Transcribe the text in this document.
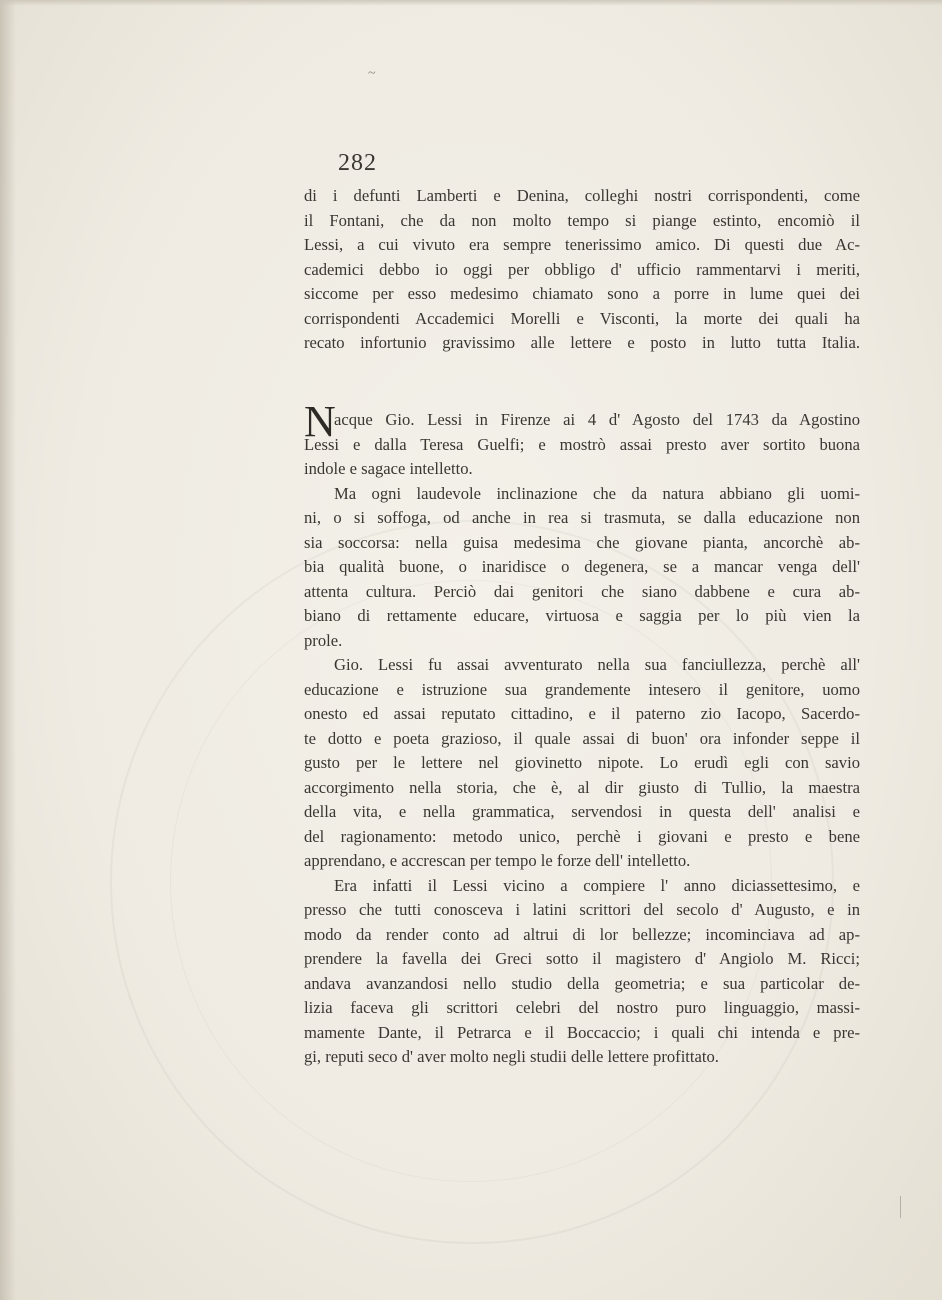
~
282
di i defunti Lamberti e Denina, colleghi nostri corrispondenti, come
il Fontani, che da non molto tempo si piange estinto, encomiò il
Lessi, a cui vivuto era sempre tenerissimo amico. Di questi due Ac-
cademici debbo io oggi per obbligo d' ufficio rammentarvi i meriti,
siccome per esso medesimo chiamato sono a porre in lume quei dei
corrispondenti Accademici Morelli e Visconti, la morte dei quali ha
recato infortunio gravissimo alle lettere e posto in lutto tutta Italia.
N
acque Gio. Lessi in Firenze ai 4 d' Agosto del 1743 da Agostino
Lessi e dalla Teresa Guelfi; e mostrò assai presto aver sortito buona
indole e sagace intelletto.
Ma ogni laudevole inclinazione che da natura abbiano gli uomi-
ni, o si soffoga, od anche in rea si trasmuta, se dalla educazione non
sia soccorsa: nella guisa medesima che giovane pianta, ancorchè ab-
bia qualità buone, o inaridisce o degenera, se a mancar venga dell'
attenta cultura. Perciò dai genitori che siano dabbene e cura ab-
biano di rettamente educare, virtuosa e saggia per lo più vien la
prole.
Gio. Lessi fu assai avventurato nella sua fanciullezza, perchè all'
educazione e istruzione sua grandemente intesero il genitore, uomo
onesto ed assai reputato cittadino, e il paterno zio Iacopo, Sacerdo-
te dotto e poeta grazioso, il quale assai di buon' ora infonder seppe il
gusto per le lettere nel giovinetto nipote. Lo erudì egli con savio
accorgimento nella storia, che è, al dir giusto di Tullio, la maestra
della vita, e nella grammatica, servendosi in questa dell' analisi e
del ragionamento: metodo unico, perchè i giovani e presto e bene
apprendano, e accrescan per tempo le forze dell' intelletto.
Era infatti il Lessi vicino a compiere l' anno diciassettesimo, e
presso che tutti conosceva i latini scrittori del secolo d' Augusto, e in
modo da render conto ad altrui di lor bellezze; incominciava ad ap-
prendere la favella dei Greci sotto il magistero d' Angiolo M. Ricci;
andava avanzandosi nello studio della geometria; e sua particolar de-
lizia faceva gli scrittori celebri del nostro puro linguaggio, massi-
mamente Dante, il Petrarca e il Boccaccio; i quali chi intenda e pre-
gi, reputi seco d' aver molto negli studii delle lettere profittato.
